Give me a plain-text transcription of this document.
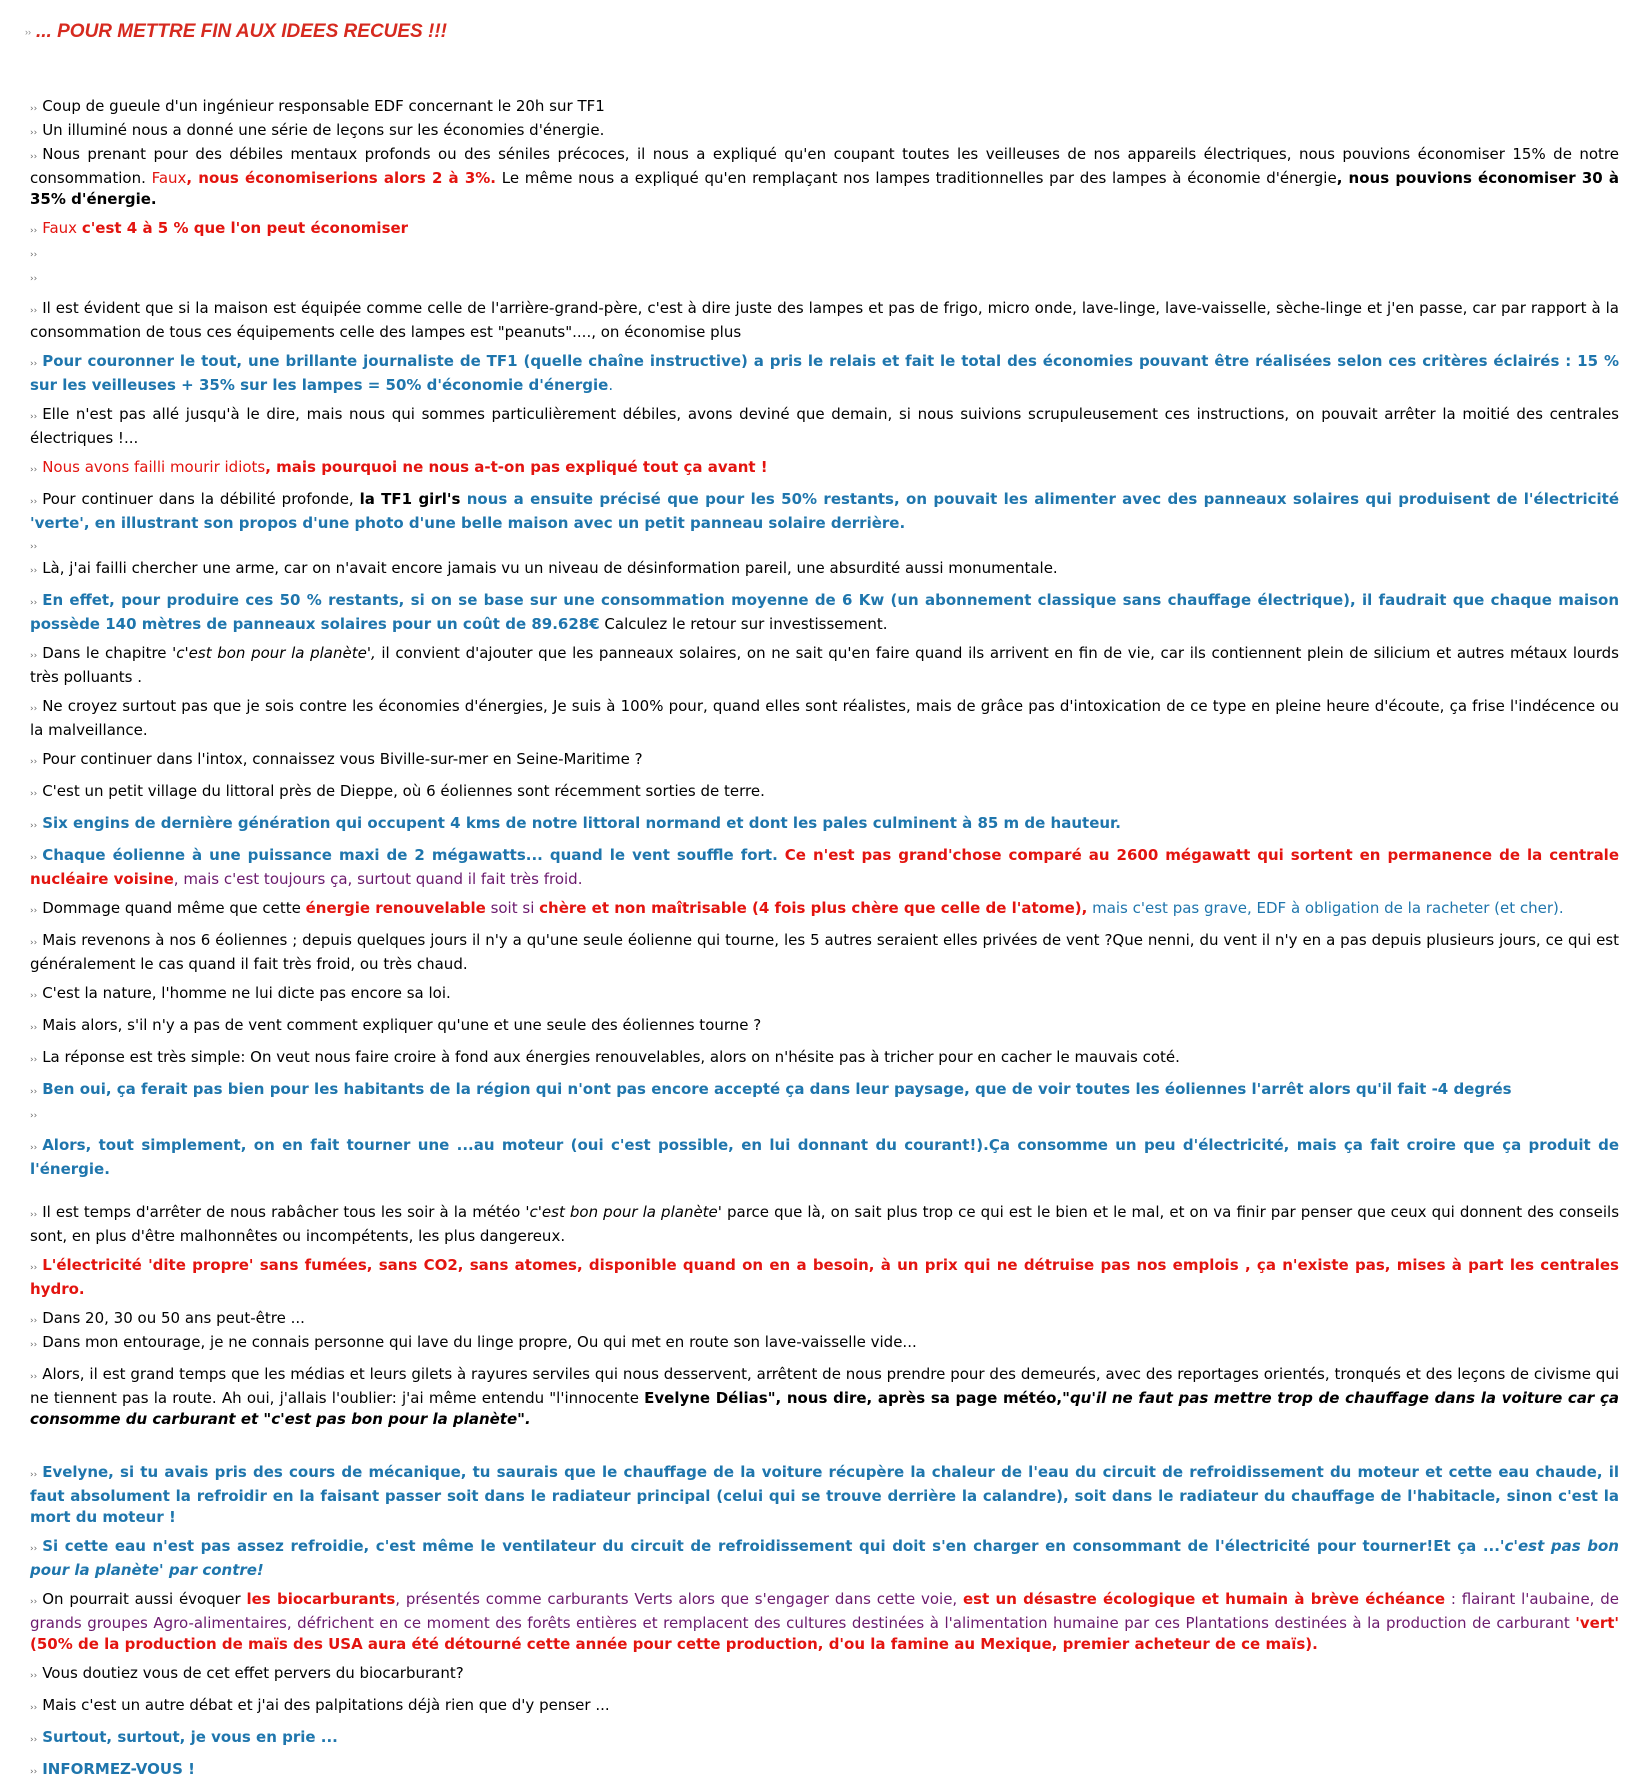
›› ... POUR METTRE FIN AUX IDEES RECUES !!!
›› Coup de gueule d'un ingénieur responsable EDF concernant le 20h sur TF1
›› Un illuminé nous a donné une série de leçons sur les économies d'énergie.
›› Nous prenant pour des débiles mentaux profonds ou des séniles précoces, il nous a expliqué qu'en coupant toutes les veilleuses de nos appareils électriques, nous pouvions économiser 15% de notre consommation. Faux, nous économiserions alors 2 à 3%. Le même nous a expliqué qu'en remplaçant nos lampes traditionnelles par des lampes à économie d'énergie, nous pouvions économiser 30 à 35% d'énergie.
›› Faux c'est 4 à 5 % que l'on peut économiser
››
››
›› Il est évident que si la maison est équipée comme celle de l'arrière-grand-père, c'est à dire juste des lampes et pas de frigo, micro onde, lave-linge, lave-vaisselle, sèche-linge et j'en passe, car par rapport à la consommation de tous ces équipements celle des lampes est "peanuts"...., on économise plus
›› Pour couronner le tout, une brillante journaliste de TF1 (quelle chaîne instructive) a pris le relais et fait le total des économies pouvant être réalisées selon ces critères éclairés : 15 % sur les veilleuses + 35% sur les lampes = 50% d'économie d'énergie.
›› Elle n'est pas allé jusqu'à le dire, mais nous qui sommes particulièrement débiles, avons deviné que demain, si nous suivions scrupuleusement ces instructions, on pouvait arrêter la moitié des centrales électriques !...
›› Nous avons failli mourir idiots, mais pourquoi ne nous a-t-on pas expliqué tout ça avant !
›› Pour continuer dans la débilité profonde, la TF1 girl's nous a ensuite précisé que pour les 50% restants, on pouvait les alimenter avec des panneaux solaires qui produisent de l'électricité 'verte', en illustrant son propos d'une photo d'une belle maison avec un petit panneau solaire derrière.
››
›› Là, j'ai failli chercher une arme, car on n'avait encore jamais vu un niveau de désinformation pareil, une absurdité aussi monumentale.
›› En effet, pour produire ces 50 % restants, si on se base sur une consommation moyenne de 6 Kw (un abonnement classique sans chauffage électrique), il faudrait que chaque maison possède 140 mètres de panneaux solaires pour un coût de 89.628€ Calculez le retour sur investissement.
›› Dans le chapitre 'c'est bon pour la planète', il convient d'ajouter que les panneaux solaires, on ne sait qu'en faire quand ils arrivent en fin de vie, car ils contiennent plein de silicium et autres métaux lourds très polluants .
›› Ne croyez surtout pas que je sois contre les économies d'énergies, Je suis à 100% pour, quand elles sont réalistes, mais de grâce pas d'intoxication de ce type en pleine heure d'écoute, ça frise l'indécence ou la malveillance.
›› Pour continuer dans l'intox, connaissez vous Biville-sur-mer en Seine-Maritime ?
›› C'est un petit village du littoral près de Dieppe, où 6 éoliennes sont récemment sorties de terre.
›› Six engins de dernière génération qui occupent 4 kms de notre littoral normand et dont les pales culminent à 85 m de hauteur.
›› Chaque éolienne à une puissance maxi de 2 mégawatts... quand le vent souffle fort. Ce n'est pas grand'chose comparé au 2600 mégawatt qui sortent en permanence de la centrale nucléaire voisine, mais c'est toujours ça, surtout quand il fait très froid.
›› Dommage quand même que cette énergie renouvelable soit si chère et non maîtrisable (4 fois plus chère que celle de l'atome), mais c'est pas grave, EDF à obligation de la racheter (et cher).
›› Mais revenons à nos 6 éoliennes ; depuis quelques jours il n'y a qu'une seule éolienne qui tourne, les 5 autres seraient elles privées de vent ?Que nenni, du vent il n'y en a pas depuis plusieurs jours, ce qui est généralement le cas quand il fait très froid, ou très chaud.
›› C'est la nature, l'homme ne lui dicte pas encore sa loi.
›› Mais alors, s'il n'y a pas de vent comment expliquer qu'une et une seule des éoliennes tourne ?
›› La réponse est très simple: On veut nous faire croire à fond aux énergies renouvelables, alors on n'hésite pas à tricher pour en cacher le mauvais coté.
›› Ben oui, ça ferait pas bien pour les habitants de la région qui n'ont pas encore accepté ça dans leur paysage, que de voir toutes les éoliennes l'arrêt alors qu'il fait -4 degrés
››
›› Alors, tout simplement, on en fait tourner une ...au moteur (oui c'est possible, en lui donnant du courant!).Ça consomme un peu d'électricité, mais ça fait croire que ça produit de l'énergie.
›› Il est temps d'arrêter de nous rabâcher tous les soir à la météo 'c'est bon pour la planète' parce que là, on sait plus trop ce qui est le bien et le mal, et on va finir par penser que ceux qui donnent des conseils sont, en plus d'être malhonnêtes ou incompétents, les plus dangereux.
›› L'électricité 'dite propre' sans fumées, sans CO2, sans atomes, disponible quand on en a besoin, à un prix qui ne détruise pas nos emplois , ça n'existe pas, mises à part les centrales hydro.
›› Dans 20, 30 ou 50 ans peut-être ...
›› Dans mon entourage, je ne connais personne qui lave du linge propre, Ou qui met en route son lave-vaisselle vide...
›› Alors, il est grand temps que les médias et leurs gilets à rayures serviles qui nous desservent, arrêtent de nous prendre pour des demeurés, avec des reportages orientés, tronqués et des leçons de civisme qui ne tiennent pas la route. Ah oui, j'allais l'oublier: j'ai même entendu "l'innocente Evelyne Délias", nous dire, après sa page météo,"qu'il ne faut pas mettre trop de chauffage dans la voiture car ça consomme du carburant et "c'est pas bon pour la planète".
›› Evelyne, si tu avais pris des cours de mécanique, tu saurais que le chauffage de la voiture récupère la chaleur de l'eau du circuit de refroidissement du moteur et cette eau chaude, il faut absolument la refroidir en la faisant passer soit dans le radiateur principal (celui qui se trouve derrière la calandre), soit dans le radiateur du chauffage de l'habitacle, sinon c'est la mort du moteur !
›› Si cette eau n'est pas assez refroidie, c'est même le ventilateur du circuit de refroidissement qui doit s'en charger en consommant de l'électricité pour tourner!Et ça ...'c'est pas bon pour la planète' par contre!
›› On pourrait aussi évoquer les biocarburants, présentés comme carburants Verts alors que s'engager dans cette voie, est un désastre écologique et humain à brève échéance : flairant l'aubaine, de grands groupes Agro-alimentaires, défrichent en ce moment des forêts entières et remplacent des cultures destinées à l'alimentation humaine par ces Plantations destinées à la production de carburant 'vert' (50% de la production de maïs des USA aura été détourné cette année pour cette production, d'ou la famine au Mexique, premier acheteur de ce maïs).
›› Vous doutiez vous de cet effet pervers du biocarburant?
›› Mais c'est un autre débat et j'ai des palpitations déjà rien que d'y penser ...
›› Surtout, surtout, je vous en prie ...
›› INFORMEZ-VOUS !
